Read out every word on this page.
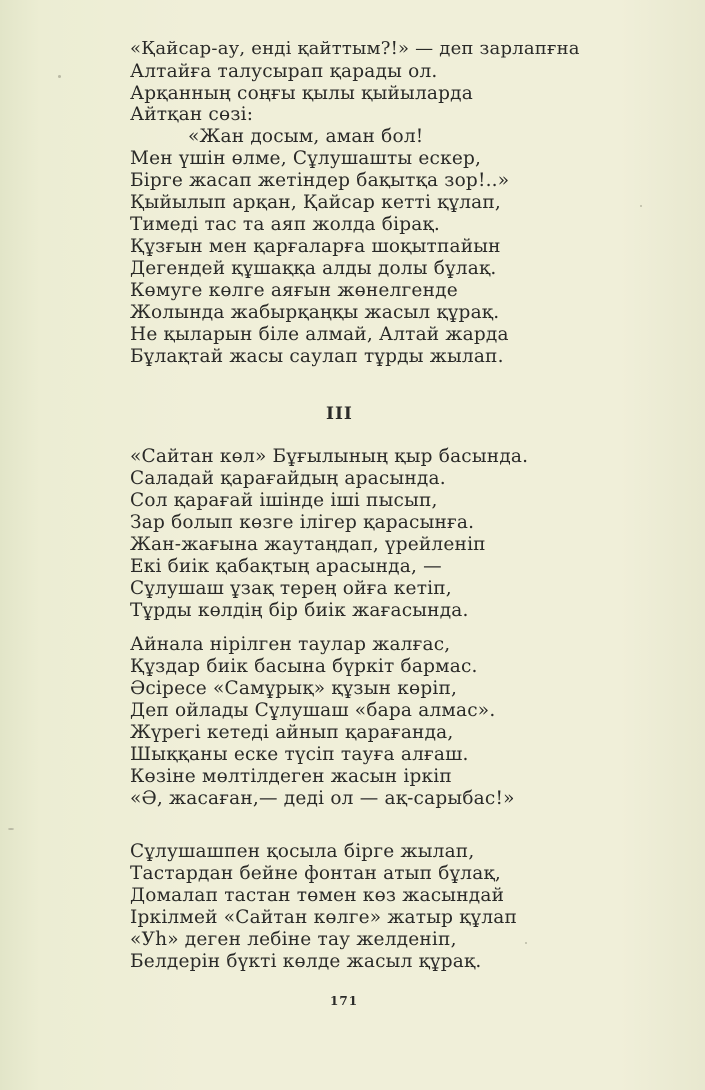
«Қайсар-ау, енді қайттым?!» — деп зарлапғна
Алтайға талусырап қарады ол.
Арқанның соңғы қылы қыйыларда
Айтқан сөзі:
«Жан досым, аман бол!
Мен үшін өлме, Сұлушашты ескер,
Бірге жасап жетіндер бақытқа зор!..»
Қыйылып арқан, Қайсар кетті құлап,
Тимеді тас та аяп жолда бірақ.
Құзғын мен қарғаларға шоқытпайын
Дегендей құшаққа алды долы бұлақ.
Көмуге көлге аяғын жөнелгенде
Жолында жабырқаңқы жасыл құрақ.
Не қыларын біле алмай, Алтай жарда
Бұлақтай жасы саулап тұрды жылап.
III
«Сайтан көл» Бұғылының қыр басында.
Саладай қарағайдың арасында.
Сол қарағай ішінде іші пысып,
Зар болып көзге ілігер қарасынға.
Жан-жағына жаутаңдап, үрейленіп
Екі биік қабақтың арасында, —
Сұлушаш ұзақ терең ойға кетіп,
Тұрды көлдің бір биік жағасында.
Айнала нірілген таулар жалғас,
Құздар биік басына бүркіт бармас.
Әсіресе «Самұрық» құзын көріп,
Деп ойлады Сұлушаш «бара алмас».
Жүрегі кетеді айнып қарағанда,
Шыққаны еске түсіп тауға алғаш.
Көзіне мөлтілдеген жасын іркіп
«Ә, жасаған,— деді ол — ақ-сарыбас!»
Сұлушашпен қосыла бірге жылап,
Тастардан бейне фонтан атып бұлақ,
Домалап тастан төмен көз жасындай
Іркілмей «Сайтан көлге» жатыр құлап
«Уһ» деген лебіне тау желденіп,
Белдерін бүкті көлде жасыл құрақ.
171
